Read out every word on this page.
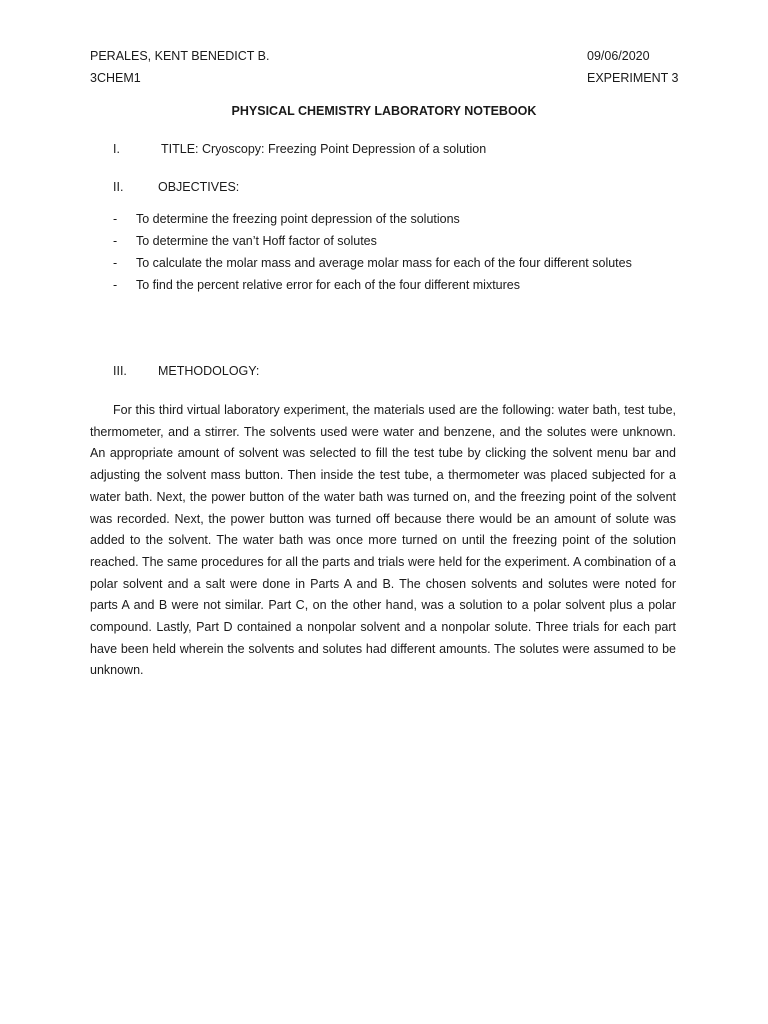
PERALES, KENT BENEDICT B.
3CHEM1
09/06/2020
EXPERIMENT 3
PHYSICAL CHEMISTRY LABORATORY NOTEBOOK
I.	TITLE: Cryoscopy: Freezing Point Depression of a solution
II.	OBJECTIVES:
- To determine the freezing point depression of the solutions
- To determine the van’t Hoff factor of solutes
- To calculate the molar mass and average molar mass for each of the four different solutes
- To find the percent relative error for each of the four different mixtures
III. METHODOLOGY:

For this third virtual laboratory experiment, the materials used are the following: water bath, test tube, thermometer, and a stirrer. The solvents used were water and benzene, and the solutes were unknown. An appropriate amount of solvent was selected to fill the test tube by clicking the solvent menu bar and adjusting the solvent mass button. Then inside the test tube, a thermometer was placed subjected for a water bath. Next, the power button of the water bath was turned on, and the freezing point of the solvent was recorded. Next, the power button was turned off because there would be an amount of solute was added to the solvent. The water bath was once more turned on until the freezing point of the solution reached. The same procedures for all the parts and trials were held for the experiment. A combination of a polar solvent and a salt were done in Parts A and B. The chosen solvents and solutes were noted for parts A and B were not similar. Part C, on the other hand, was a solution to a polar solvent plus a polar compound. Lastly, Part D contained a nonpolar solvent and a nonpolar solute. Three trials for each part have been held wherein the solvents and solutes had different amounts. The solutes were assumed to be unknown.
